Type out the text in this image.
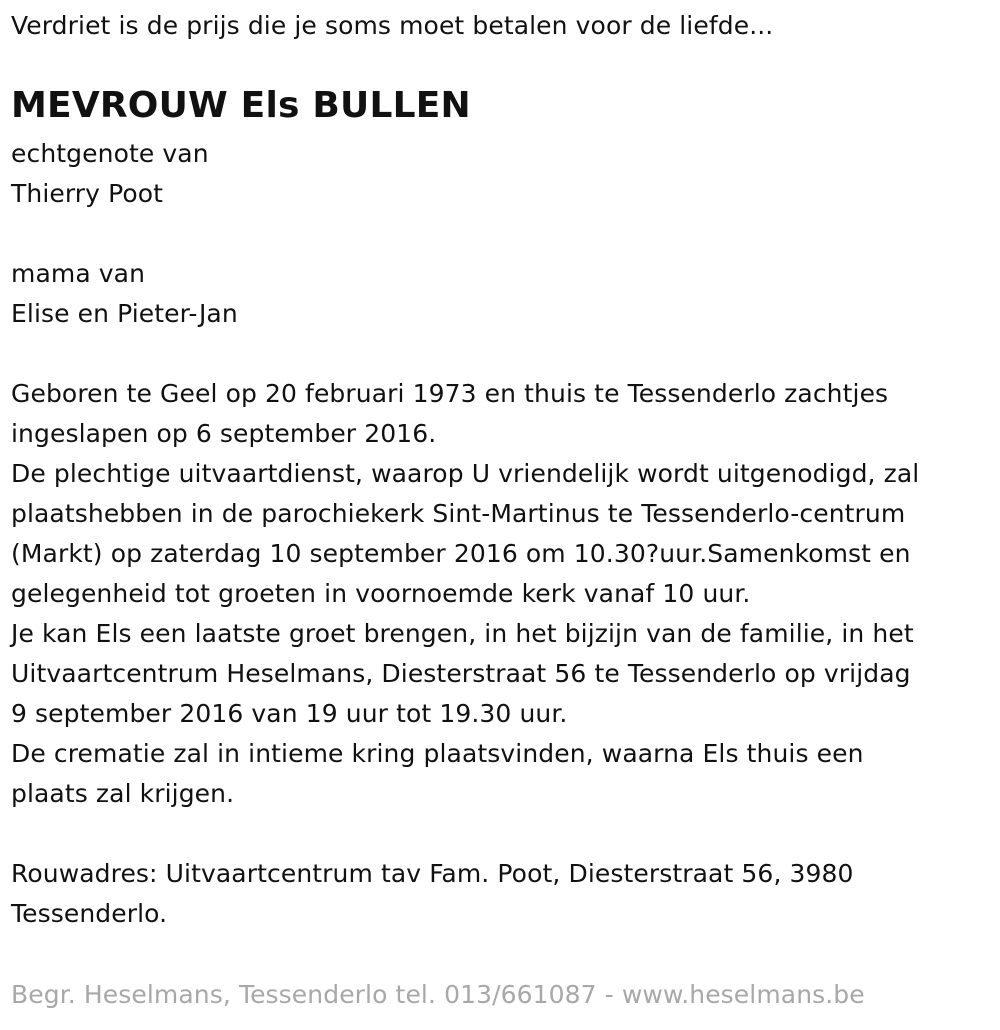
Verdriet is de prijs die je soms moet betalen voor de liefde...
MEVROUW Els BULLEN
echtgenote van
Thierry Poot
mama van
Elise en Pieter-Jan
Geboren te Geel op 20 februari 1973 en thuis te Tessenderlo zachtjes
ingeslapen op 6 september 2016.
De plechtige uitvaartdienst, waarop U vriendelijk wordt uitgenodigd, zal
plaatshebben in de parochiekerk Sint-Martinus te Tessenderlo-centrum
(Markt) op zaterdag 10 september 2016 om 10.30?uur.Samenkomst en
gelegenheid tot groeten in voornoemde kerk vanaf 10 uur.
Je kan Els een laatste groet brengen, in het bijzijn van de familie, in het
Uitvaartcentrum Heselmans, Diesterstraat 56 te Tessenderlo op vrijdag
9 september 2016 van 19 uur tot 19.30 uur.
De crematie zal in intieme kring plaatsvinden, waarna Els thuis een
plaats zal krijgen.
Rouwadres: Uitvaartcentrum tav Fam. Poot, Diesterstraat 56, 3980
Tessenderlo.
Begr. Heselmans, Tessenderlo tel. 013/661087 - www.heselmans.be
